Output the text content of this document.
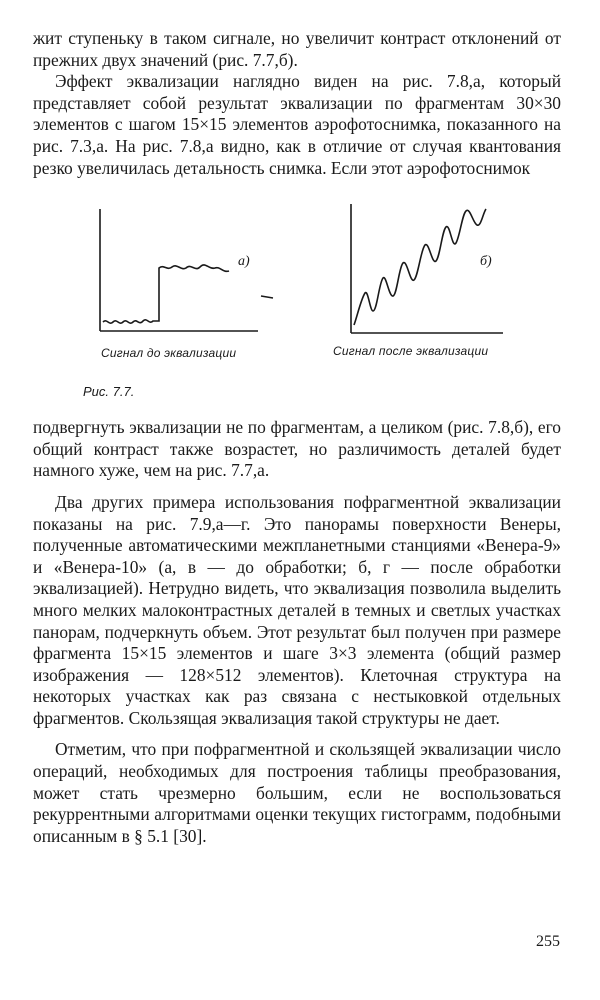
жит ступеньку в таком сигнале, но увеличит контраст отклонений от прежних двух значений (рис. 7.7,б).

Эффект эквализации наглядно виден на рис. 7.8,а, который представляет собой результат эквализации по фрагментам 30×30 элементов с шагом 15×15 элементов аэрофотоснимка, показанного на рис. 7.3,а. На рис. 7.8,а видно, как в отличие от случая квантования резко увеличилась детальность снимка. Если этот аэрофотоснимок

а)	б)
Сигнал до эквализации	Сигнал после эквализации
Рис. 7.7.

подвергнуть эквализации не по фрагментам, а целиком (рис. 7.8,б), его общий контраст также возрастет, но различимость деталей будет намного хуже, чем на рис. 7.7,а.

Два других примера использования пофрагментной эквализации показаны на рис. 7.9,а—г. Это панорамы поверхности Венеры, полученные автоматическими межпланетными станциями «Венера-9» и «Венера-10» (а, в — до обработки; б, г — после обработки эквализацией). Нетрудно видеть, что эквализация позволила выделить много мелких малоконтрастных деталей в темных и светлых участках панорам, подчеркнуть объем. Этот результат был получен при размере фрагмента 15×15 элементов и шаге 3×3 элемента (общий размер изображения — 128×512 элементов). Клеточная структура на некоторых участках как раз связана с нестыковкой отдельных фрагментов. Скользящая эквализация такой структуры не дает.

Отметим, что при пофрагментной и скользящей эквализации число операций, необходимых для построения таблицы преобразования, может стать чрезмерно большим, если не воспользоваться рекуррентными алгоритмами оценки текущих гистограмм, подобными описанным в § 5.1 [30].

255
